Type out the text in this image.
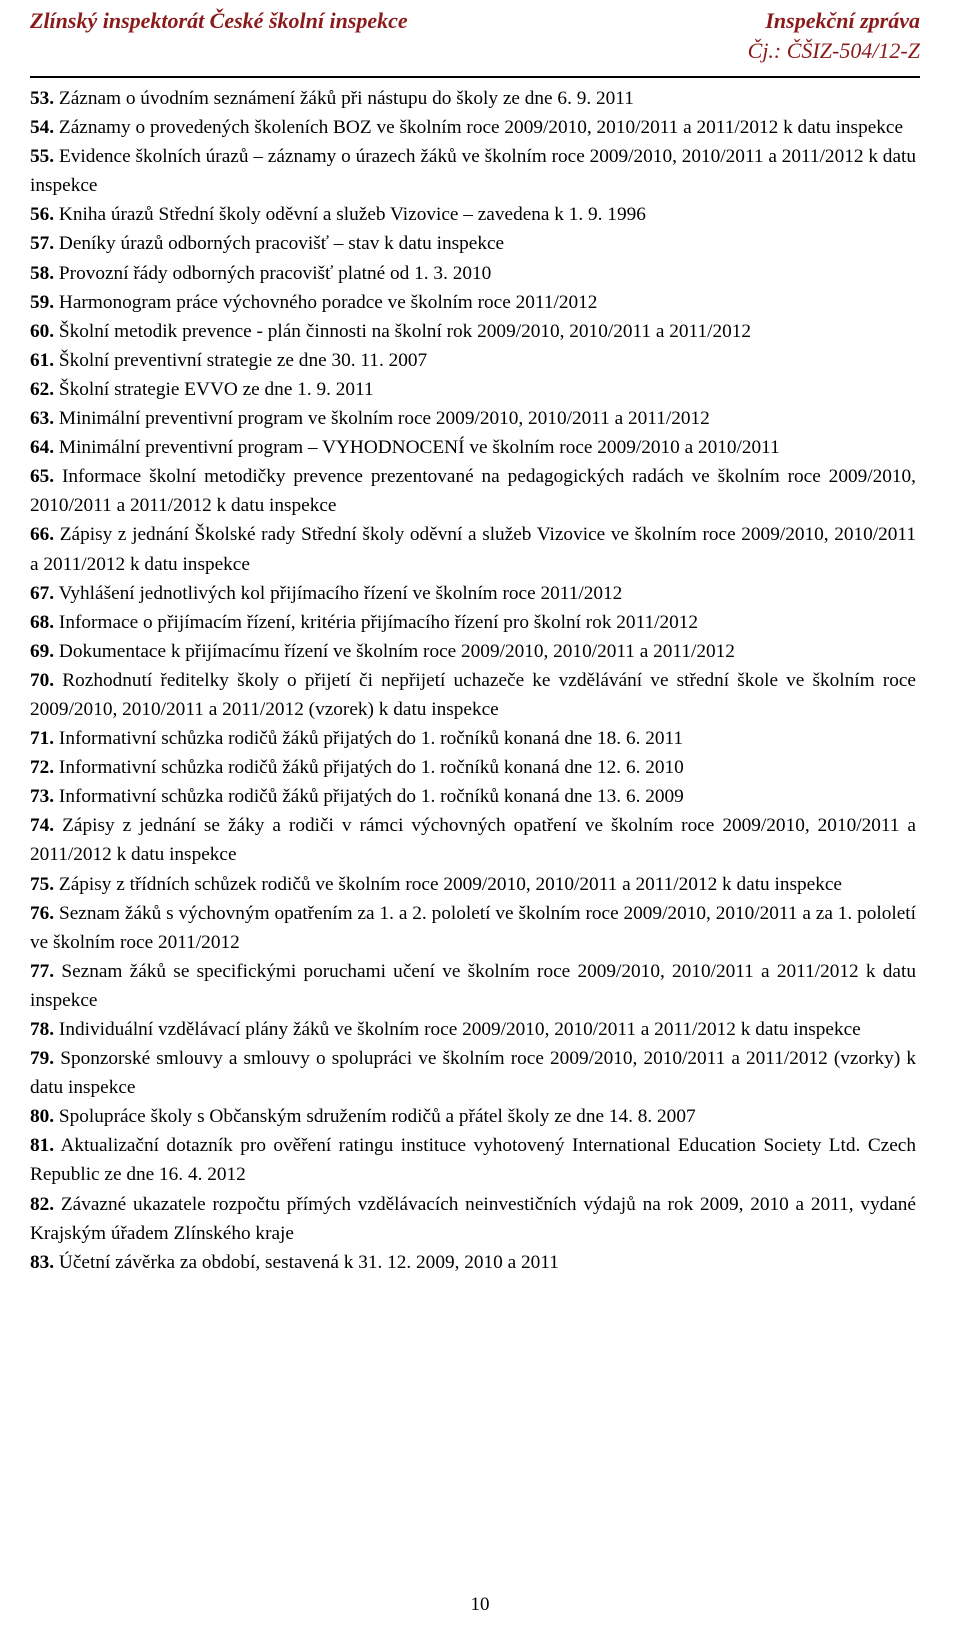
Zlínský inspektorát České školní inspekce	Inspekční zpráva
Čj.: ČŠIZ-504/12-Z

53. Záznam o úvodním seznámení žáků při nástupu do školy ze dne 6. 9. 2011

54. Záznamy o provedených školeních BOZ ve školním roce 2009/2010, 2010/2011 a 2011/2012 k datu inspekce

55. Evidence školních úrazů – záznamy o úrazech žáků ve školním roce 2009/2010, 2010/2011 a 2011/2012 k datu inspekce

56. Kniha úrazů Střední školy oděvní a služeb Vizovice – zavedena k 1. 9. 1996

57. Deníky úrazů odborných pracovišť – stav k datu inspekce

58. Provozní řády odborných pracovišť platné od 1. 3. 2010

59. Harmonogram práce výchovného poradce ve školním roce 2011/2012

60. Školní metodik prevence - plán činnosti na školní rok 2009/2010, 2010/2011 a 2011/2012

61. Školní preventivní strategie ze dne 30. 11. 2007

62. Školní strategie EVVO ze dne 1. 9. 2011

63. Minimální preventivní program ve školním roce 2009/2010, 2010/2011 a 2011/2012

64. Minimální preventivní program – VYHODNOCENÍ ve školním roce 2009/2010 a 2010/2011

65. Informace školní metodičky prevence prezentované na pedagogických radách ve školním roce 2009/2010, 2010/2011 a 2011/2012 k datu inspekce

66. Zápisy z jednání Školské rady Střední školy oděvní a služeb Vizovice ve školním roce 2009/2010, 2010/2011 a 2011/2012 k datu inspekce

67. Vyhlášení jednotlivých kol přijímacího řízení ve školním roce 2011/2012

68. Informace o přijímacím řízení, kritéria přijímacího řízení pro školní rok 2011/2012

69. Dokumentace k přijímacímu řízení ve školním roce 2009/2010, 2010/2011 a 2011/2012

70. Rozhodnutí ředitelky školy o přijetí či nepřijetí uchazeče ke vzdělávání ve střední škole ve školním roce 2009/2010, 2010/2011 a 2011/2012 (vzorek) k datu inspekce

71. Informativní schůzka rodičů žáků přijatých do 1. ročníků konaná dne 18. 6. 2011

72. Informativní schůzka rodičů žáků přijatých do 1. ročníků konaná dne 12. 6. 2010

73. Informativní schůzka rodičů žáků přijatých do 1. ročníků konaná dne 13. 6. 2009

74. Zápisy z jednání se žáky a rodiči v rámci výchovných opatření ve školním roce 2009/2010, 2010/2011 a 2011/2012 k datu inspekce

75. Zápisy z třídních schůzek rodičů ve školním roce 2009/2010, 2010/2011 a 2011/2012 k datu inspekce

76. Seznam žáků s výchovným opatřením za 1. a 2. pololetí ve školním roce 2009/2010, 2010/2011 a za 1. pololetí ve školním roce 2011/2012

77. Seznam žáků se specifickými poruchami učení ve školním roce 2009/2010, 2010/2011 a 2011/2012 k datu inspekce

78. Individuální vzdělávací plány žáků ve školním roce 2009/2010, 2010/2011 a 2011/2012 k datu inspekce

79. Sponzorské smlouvy a smlouvy o spolupráci ve školním roce 2009/2010, 2010/2011 a 2011/2012 (vzorky) k datu inspekce

80. Spolupráce školy s Občanským sdružením rodičů a přátel školy ze dne 14. 8. 2007

81. Aktualizační dotazník pro ověření ratingu instituce vyhotovený International Education Society Ltd. Czech Republic ze dne 16. 4. 2012

82. Závazné ukazatele rozpočtu přímých vzdělávacích neinvestičních výdajů na rok 2009, 2010 a 2011, vydané Krajským úřadem Zlínského kraje

83. Účetní závěrka za období, sestavená k 31. 12. 2009, 2010 a 2011

10
